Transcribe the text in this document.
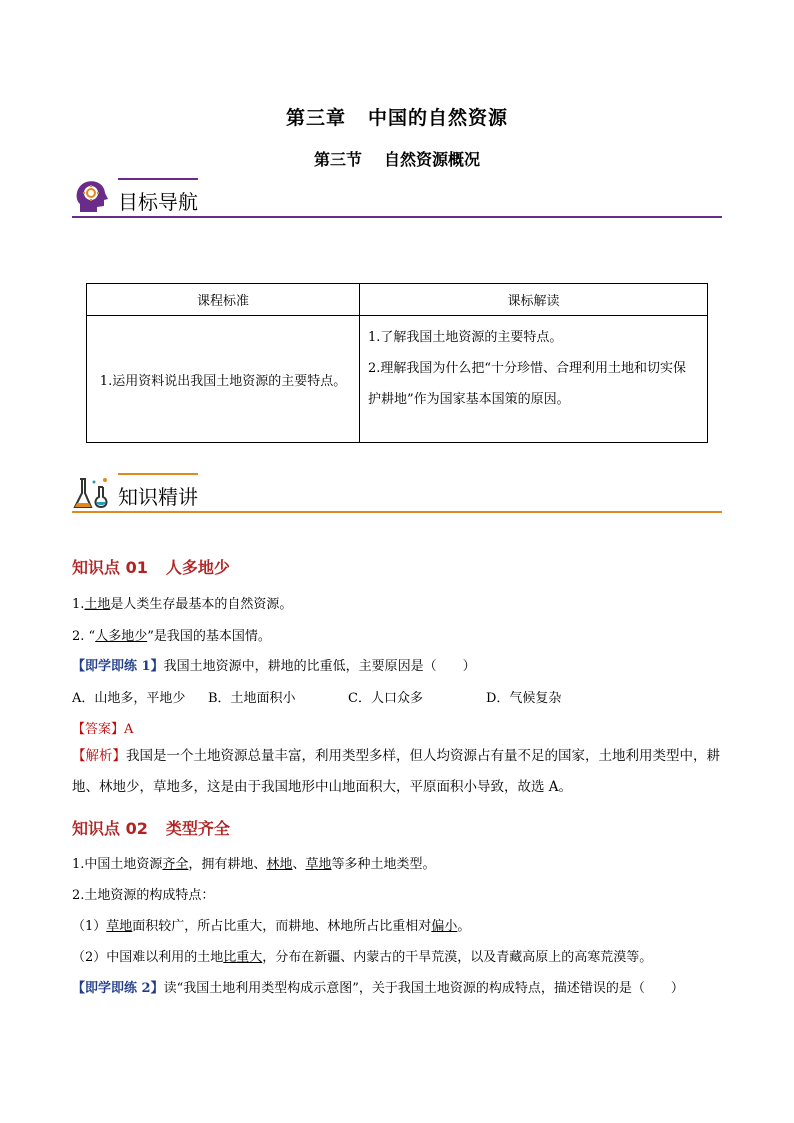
第三章 中国的自然资源
第三节 自然资源概况
目标导航
课程标准	课标解读
1.运用资料说出我国土地资源的主要特点。	1.了解我国土地资源的主要特点。
2.理解我国为什么把“十分珍惜、合理利用土地和切实保护耕地”作为国家基本国策的原因。
知识精讲
知识点 01 人多地少
1.土地是人类生存最基本的自然资源。
2. “人多地少”是我国的基本国情。
【即学即练 1】我国土地资源中，耕地的比重低，主要原因是（　　）
A．山地多，平地少 B．土地面积小	C．人口众多	D．气候复杂
【答案】A
【解析】我国是一个土地资源总量丰富，利用类型多样，但人均资源占有量不足的国家，土地利用类型中，耕地、林地少，草地多，这是由于我国地形中山地面积大，平原面积小导致，故选 A。
知识点 02 类型齐全
1.中国土地资源齐全，拥有耕地、林地、草地等多种土地类型。
2.土地资源的构成特点：
（1）草地面积较广，所占比重大，而耕地、林地所占比重相对偏小。
（2）中国难以利用的土地比重大，分布在新疆、内蒙古的干旱荒漠，以及青藏高原上的高寒荒漠等。
【即学即练 2】读“我国土地利用类型构成示意图”，关于我国土地资源的构成特点，描述错误的是（　　）
